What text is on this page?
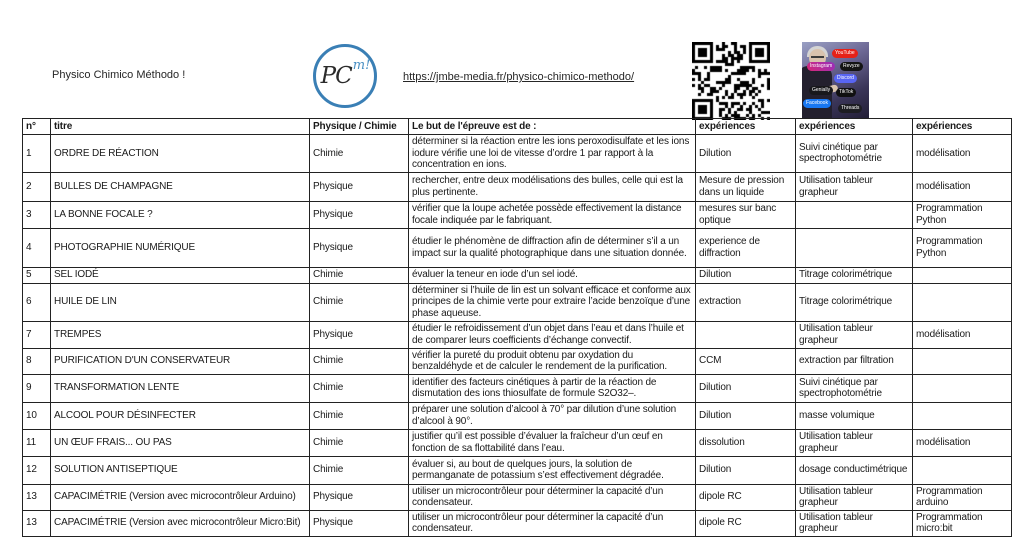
Physico Chimico Méthodo !	PC m!
https://jmbe-media.fr/physico-chimico-methodo/
YouTube
Revyze
Instagram
Discord
Genially	TikTok
Facebook
Threads
n°	titre	Physique / Chimie	Le but de l'épreuve est de :	expériences	expériences	expériences
1	ORDRE DE RÉACTION	Chimie	déterminer si la réaction entre les ions peroxodisulfate et les ions iodure vérifie une loi de vitesse d’ordre 1 par rapport à la concentration en ions.	Dilution	Suivi cinétique par spectrophotométrie	modélisation
2	BULLES DE CHAMPAGNE	Physique	rechercher, entre deux modélisations des bulles, celle qui est la plus pertinente.	Mesure de pression dans un liquide	Utilisation tableur grapheur	modélisation
3	LA BONNE FOCALE ?	Physique	vérifier que la loupe achetée possède effectivement la distance focale indiquée par le fabriquant.	mesures sur banc optique		Programmation Python
4	PHOTOGRAPHIE NUMÉRIQUE	Physique	étudier le phénomène de diffraction afin de déterminer s’il a un impact sur la qualité photographique dans une situation donnée.	experience de diffraction		Programmation Python
5	SEL IODÉ	Chimie	évaluer la teneur en iode d’un sel iodé.	Dilution	Titrage colorimétrique	
6	HUILE DE LIN	Chimie	déterminer si l’huile de lin est un solvant efficace et conforme aux principes de la chimie verte pour extraire l’acide benzoïque d’une phase aqueuse.	extraction	Titrage colorimétrique	
7	TREMPES	Physique	étudier le refroidissement d’un objet dans l’eau et dans l’huile et de comparer leurs coefficients d’échange convectif.		Utilisation tableur grapheur	modélisation
8	PURIFICATION D'UN CONSERVATEUR	Chimie	vérifier la pureté du produit obtenu par oxydation du benzaldéhyde et de calculer le rendement de la purification.	CCM	extraction par filtration	
9	TRANSFORMATION LENTE	Chimie	identifier des facteurs cinétiques à partir de la réaction de dismutation des ions thiosulfate de formule S2O32–.	Dilution	Suivi cinétique par spectrophotométrie	
10	ALCOOL POUR DÉSINFECTER	Chimie	préparer une solution d’alcool à 70° par dilution d’une solution d’alcool à 90°.	Dilution	masse volumique	
11	UN ŒUF FRAIS... OU PAS	Chimie	justifier qu’il est possible d’évaluer la fraîcheur d’un œuf en fonction de sa flottabilité dans l’eau.	dissolution	Utilisation tableur grapheur	modélisation
12	SOLUTION ANTISEPTIQUE	Chimie	évaluer si, au bout de quelques jours, la solution de permanganate de potassium s’est effectivement dégradée.	Dilution	dosage conductimétrique	
13	CAPACIMÉTRIE (Version avec microcontrôleur Arduino)	Physique	utiliser un microcontrôleur pour déterminer la capacité d’un condensateur.	dipole RC	Utilisation tableur grapheur	Programmation arduino
13	CAPACIMÉTRIE (Version avec microcontrôleur Micro:Bit)	Physique	utiliser un microcontrôleur pour déterminer la capacité d’un condensateur.	dipole RC	Utilisation tableur grapheur	Programmation micro:bit
